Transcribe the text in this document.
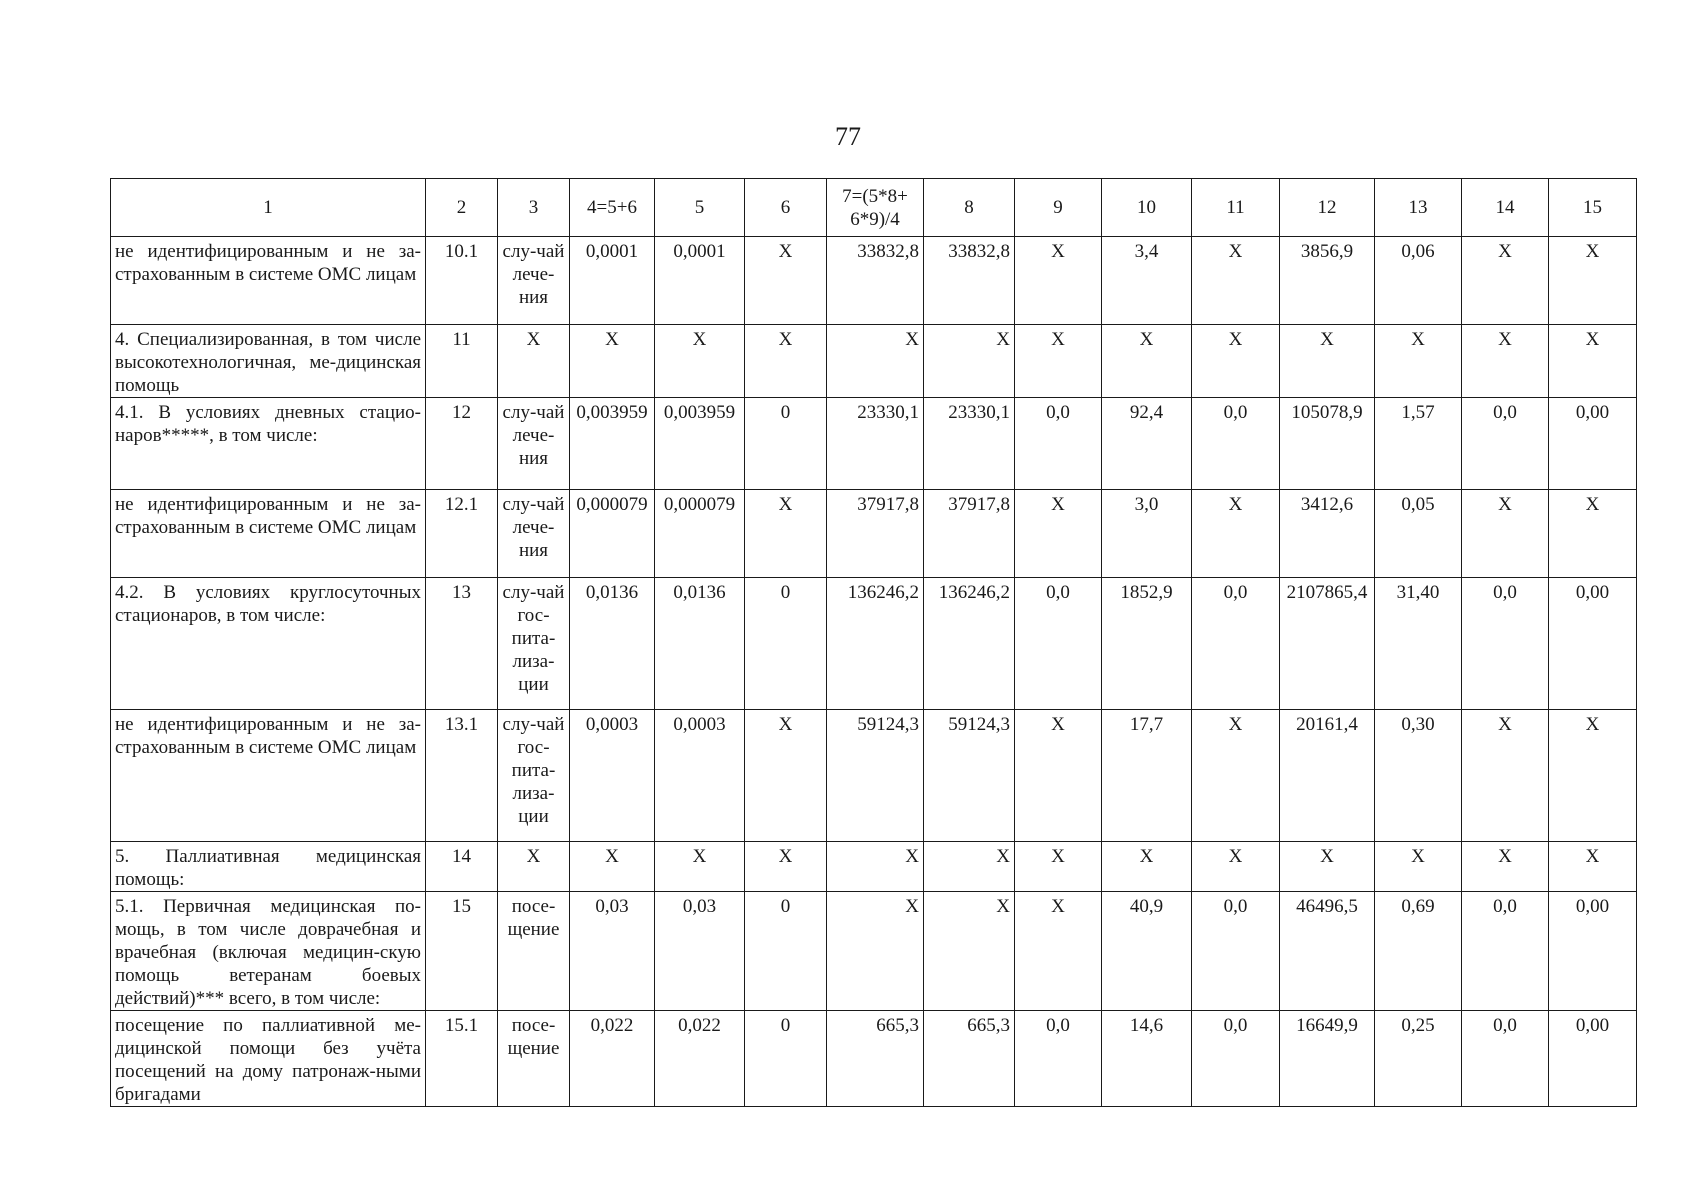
77
1	2	3	4=5+6	5	6	7=(5*8+ 6*9)/4	8	9	10	11	12	13	14	15
не идентифицированным и не за-страхованным в системе ОМС лицам	10.1	слу-чай лече-ния	0,0001	0,0001	X	33832,8	33832,8	X	3,4	X	3856,9	0,06	X	X
4. Специализированная, в том числе высокотехнологичная, ме-дицинская помощь	11	X	X	X	X	X	X	X	X	X	X	X	X	X
4.1. В условиях дневных стацио-наров*****, в том числе:	12	слу-чай лече-ния	0,003959	0,003959	0	23330,1	23330,1	0,0	92,4	0,0	105078,9	1,57	0,0	0,00
не идентифицированным и не за-страхованным в системе ОМС лицам	12.1	слу-чай лече-ния	0,000079	0,000079	X	37917,8	37917,8	X	3,0	X	3412,6	0,05	X	X
4.2. В условиях круглосуточных стационаров, в том числе:	13	слу-чай гос-пита-лиза-ции	0,0136	0,0136	0	136246,2	136246,2	0,0	1852,9	0,0	2107865,4	31,40	0,0	0,00
не идентифицированным и не за-страхованным в системе ОМС лицам	13.1	слу-чай гос-пита-лиза-ции	0,0003	0,0003	X	59124,3	59124,3	X	17,7	X	20161,4	0,30	X	X
5. Паллиативная медицинская помощь:	14	X	X	X	X	X	X	X	X	X	X	X	X	X
5.1. Первичная медицинская по-мощь, в том числе доврачебная и врачебная (включая медицин-скую помощь ветеранам боевых действий)*** всего, в том числе:	15	посе-щение	0,03	0,03	0	X	X	X	40,9	0,0	46496,5	0,69	0,0	0,00
посещение по паллиативной ме-дицинской помощи без учёта посещений на дому патронаж-ными бригадами	15.1	посе-щение	0,022	0,022	0	665,3	665,3	0,0	14,6	0,0	16649,9	0,25	0,0	0,00
